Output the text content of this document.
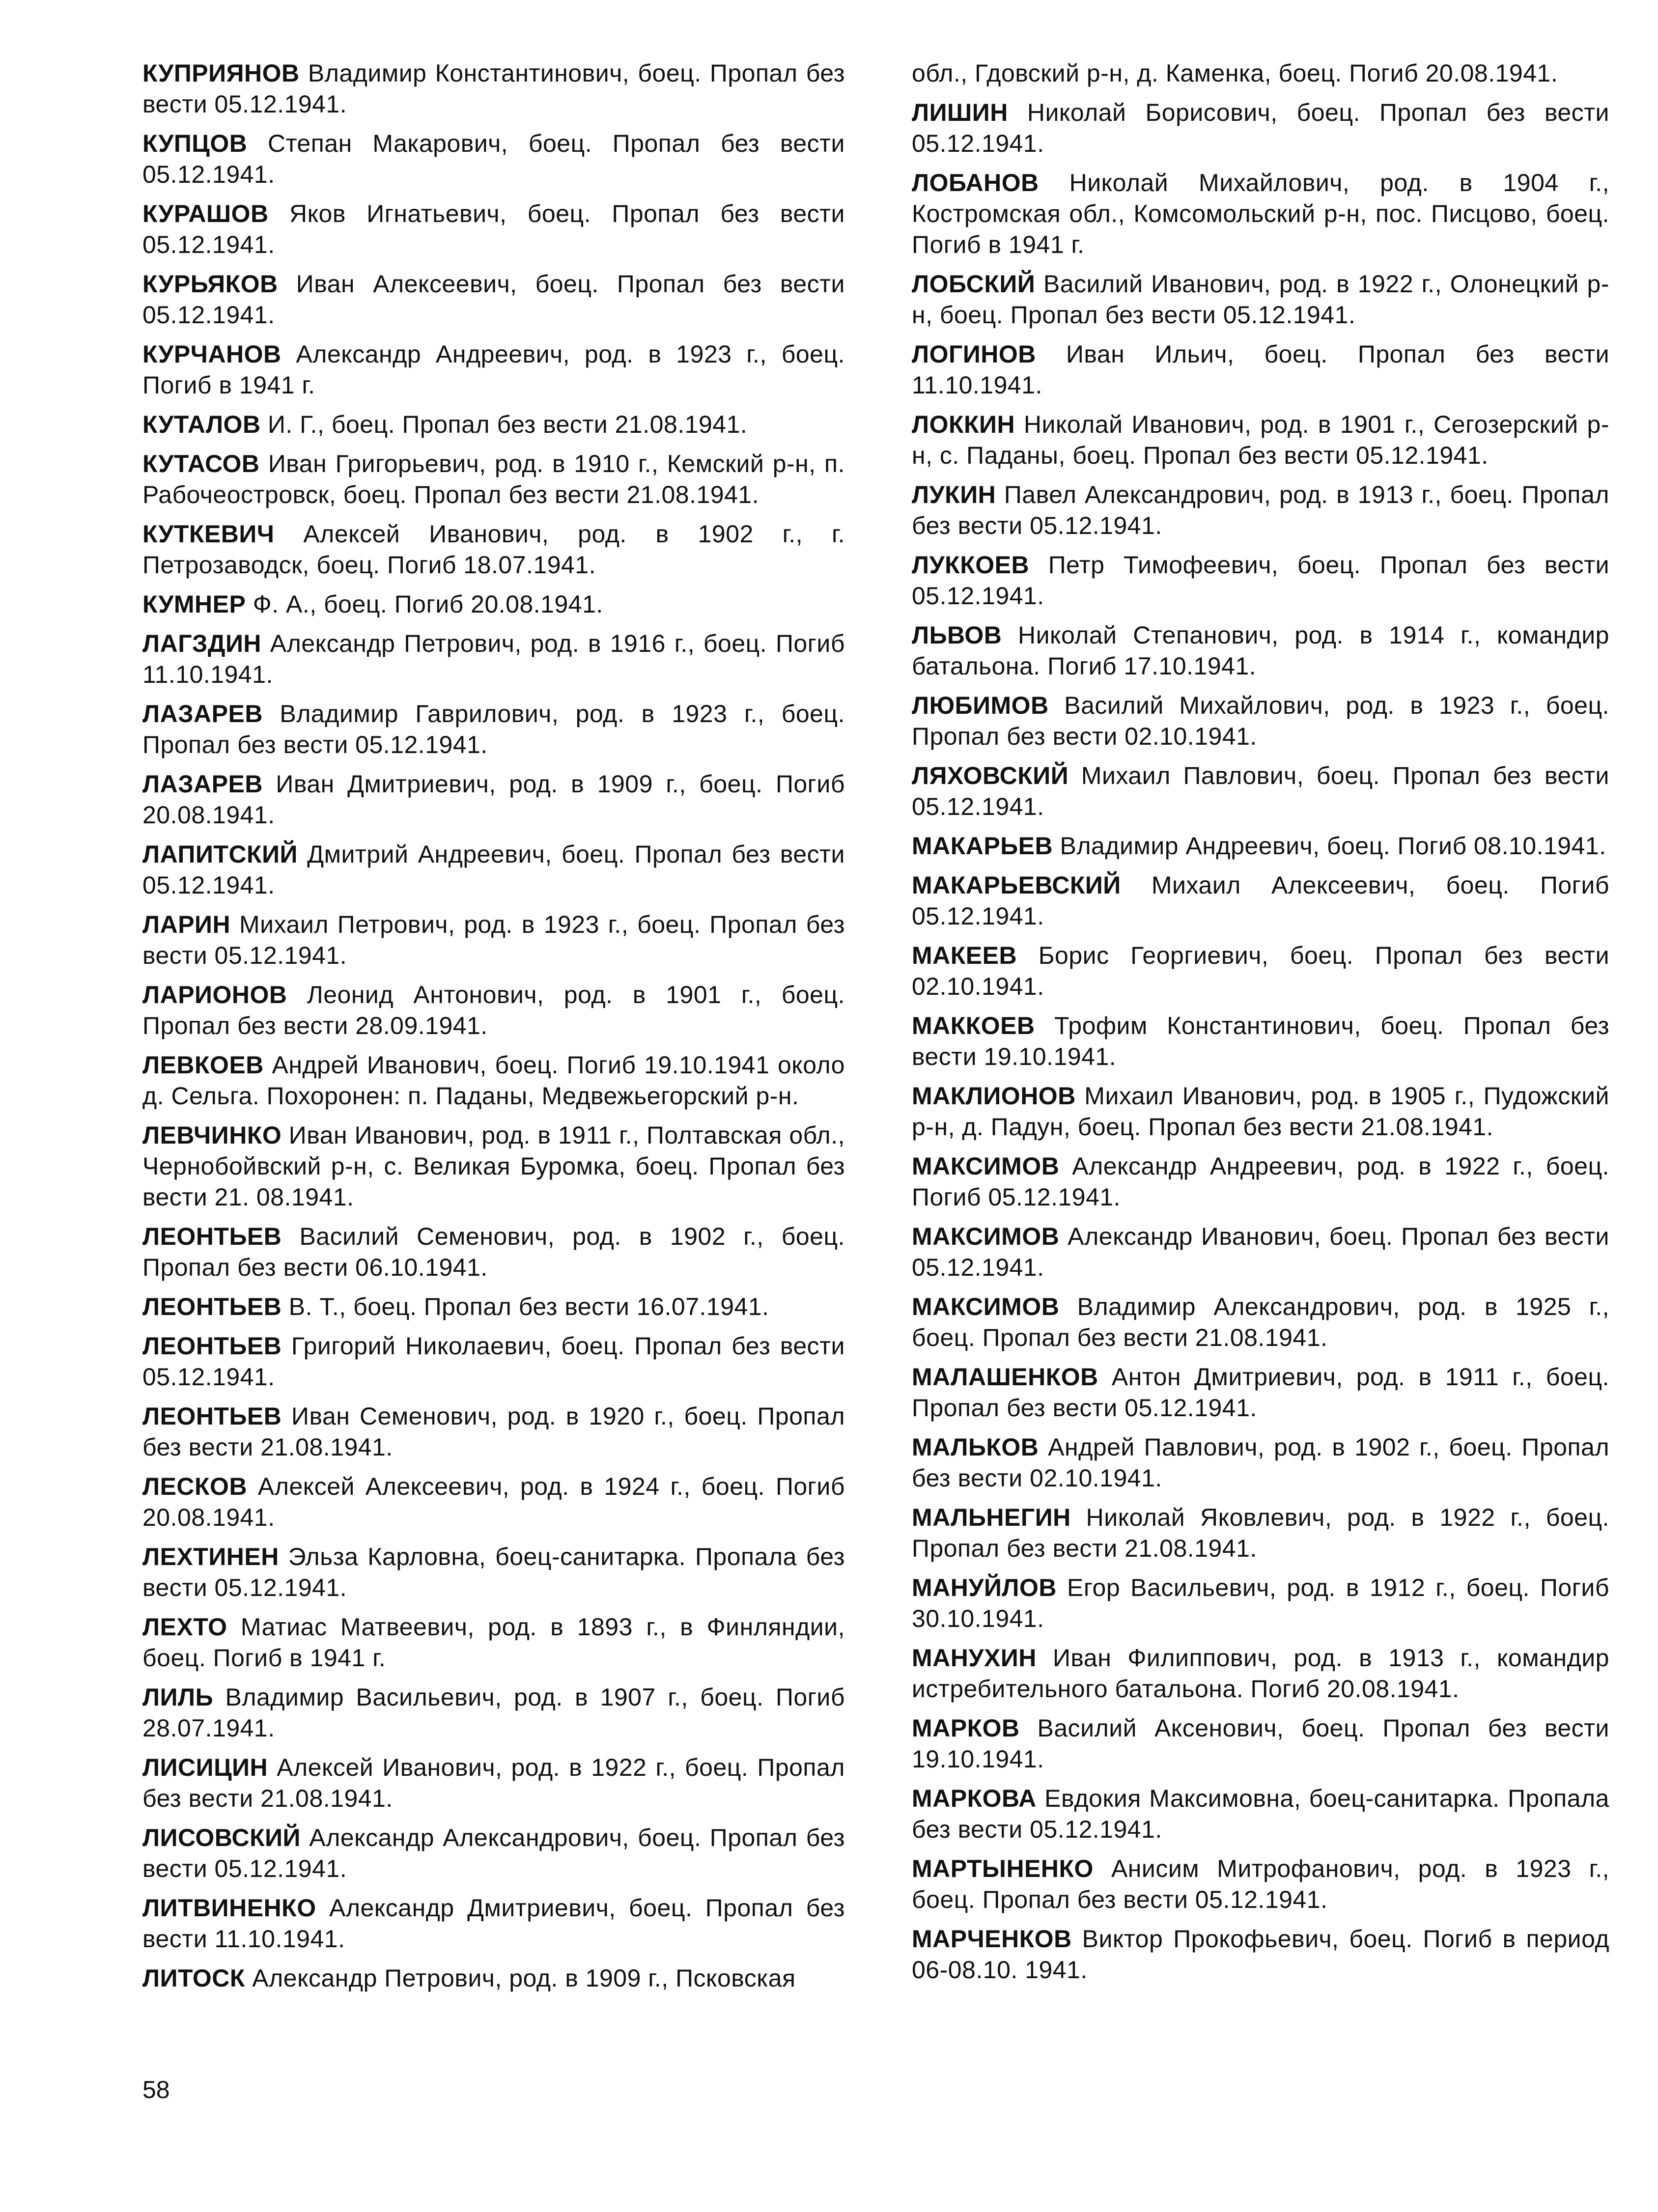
КУПРИЯНОВ Владимир Константинович, боец. Пропал без вести 05.12.1941.

КУПЦОВ Степан Макарович, боец. Пропал без вести 05.12.1941.

КУРАШОВ Яков Игнатьевич, боец. Пропал без вести 05.12.1941.

КУРЬЯКОВ Иван Алексеевич, боец. Пропал без вести 05.12.1941.

КУРЧАНОВ Александр Андреевич, род. в 1923 г., боец. Погиб в 1941 г.

КУТАЛОВ И. Г., боец. Пропал без вести 21.08.1941.

КУТАСОВ Иван Григорьевич, род. в 1910 г., Кемский р-н, п. Рабочеостровск, боец. Пропал без вести 21.08.1941.

КУТКЕВИЧ Алексей Иванович, род. в 1902 г., г. Петрозаводск, боец. Погиб 18.07.1941.

КУМНЕР Ф. А., боец. Погиб 20.08.1941.

ЛАГЗДИН Александр Петрович, род. в 1916 г., боец. Погиб 11.10.1941.

ЛАЗАРЕВ Владимир Гаврилович, род. в 1923 г., боец. Пропал без вести 05.12.1941.

ЛАЗАРЕВ Иван Дмитриевич, род. в 1909 г., боец. Погиб 20.08.1941.

ЛАПИТСКИЙ Дмитрий Андреевич, боец. Пропал без вести 05.12.1941.

ЛАРИН Михаил Петрович, род. в 1923 г., боец. Пропал без вести 05.12.1941.

ЛАРИОНОВ Леонид Антонович, род. в 1901 г., боец. Пропал без вести 28.09.1941.

ЛЕВКОЕВ Андрей Иванович, боец. Погиб 19.10.1941 около д. Сельга. Похоронен: п. Паданы, Медвежьегорский р-н.

ЛЕВЧИНКО Иван Иванович, род. в 1911 г., Полтавская обл., Чернобойвский р-н, с. Великая Буромка, боец. Пропал без вести 21. 08.1941.

ЛЕОНТЬЕВ Василий Семенович, род. в 1902 г., боец. Пропал без вести 06.10.1941.

ЛЕОНТЬЕВ В. Т., боец. Пропал без вести 16.07.1941.

ЛЕОНТЬЕВ Григорий Николаевич, боец. Пропал без вести 05.12.1941.

ЛЕОНТЬЕВ Иван Семенович, род. в 1920 г., боец. Пропал без вести 21.08.1941.

ЛЕСКОВ Алексей Алексеевич, род. в 1924 г., боец. Погиб 20.08.1941.

ЛЕХТИНЕН Эльза Карловна, боец-санитарка. Пропала без вести 05.12.1941.

ЛЕХТО Матиас Матвеевич, род. в 1893 г., в Финляндии, боец. Погиб в 1941 г.

ЛИЛЬ Владимир Васильевич, род. в 1907 г., боец. Погиб 28.07.1941.

ЛИСИЦИН Алексей Иванович, род. в 1922 г., боец. Пропал без вести 21.08.1941.

ЛИСОВСКИЙ Александр Александрович, боец. Пропал без вести 05.12.1941.

ЛИТВИНЕНКО Александр Дмитриевич, боец. Пропал без вести 11.10.1941.

ЛИТОСК Александр Петрович, род. в 1909 г., Псковская

обл., Гдовский р-н, д. Каменка, боец. Погиб 20.08.1941.

ЛИШИН Николай Борисович, боец. Пропал без вести 05.12.1941.

ЛОБАНОВ Николай Михайлович, род. в 1904 г., Костромская обл., Комсомольский р-н, пос. Писцово, боец. Погиб в 1941 г.

ЛОБСКИЙ Василий Иванович, род. в 1922 г., Олонецкий р-н, боец. Пропал без вести 05.12.1941.

ЛОГИНОВ Иван Ильич, боец. Пропал без вести 11.10.1941.

ЛОККИН Николай Иванович, род. в 1901 г., Сегозерский р-н, с. Паданы, боец. Пропал без вести 05.12.1941.

ЛУКИН Павел Александрович, род. в 1913 г., боец. Пропал без вести 05.12.1941.

ЛУККОЕВ Петр Тимофеевич, боец. Пропал без вести 05.12.1941.

ЛЬВОВ Николай Степанович, род. в 1914 г., командир батальона. Погиб 17.10.1941.

ЛЮБИМОВ Василий Михайлович, род. в 1923 г., боец. Пропал без вести 02.10.1941.

ЛЯХОВСКИЙ Михаил Павлович, боец. Пропал без вести 05.12.1941.

МАКАРЬЕВ Владимир Андреевич, боец. Погиб 08.10.1941.

МАКАРЬЕВСКИЙ Михаил Алексеевич, боец. Погиб 05.12.1941.

МАКЕЕВ Борис Георгиевич, боец. Пропал без вести 02.10.1941.

МАККОЕВ Трофим Константинович, боец. Пропал без вести 19.10.1941.

МАКЛИОНОВ Михаил Иванович, род. в 1905 г., Пудожский р-н, д. Падун, боец. Пропал без вести 21.08.1941.

МАКСИМОВ Александр Андреевич, род. в 1922 г., боец. Погиб 05.12.1941.

МАКСИМОВ Александр Иванович, боец. Пропал без вести 05.12.1941.

МАКСИМОВ Владимир Александрович, род. в 1925 г., боец. Пропал без вести 21.08.1941.

МАЛАШЕНКОВ Антон Дмитриевич, род. в 1911 г., боец. Пропал без вести 05.12.1941.

МАЛЬКОВ Андрей Павлович, род. в 1902 г., боец. Пропал без вести 02.10.1941.

МАЛЬНЕГИН Николай Яковлевич, род. в 1922 г., боец. Пропал без вести 21.08.1941.

МАНУЙЛОВ Егор Васильевич, род. в 1912 г., боец. Погиб 30.10.1941.

МАНУХИН Иван Филиппович, род. в 1913 г., командир истребительного батальона. Погиб 20.08.1941.

МАРКОВ Василий Аксенович, боец. Пропал без вести 19.10.1941.

МАРКОВА Евдокия Максимовна, боец-санитарка. Пропала без вести 05.12.1941.

МАРТЫНЕНКО Анисим Митрофанович, род. в 1923 г., боец. Пропал без вести 05.12.1941.

МАРЧЕНКОВ Виктор Прокофьевич, боец. Погиб в период 06-08.10. 1941.

58
